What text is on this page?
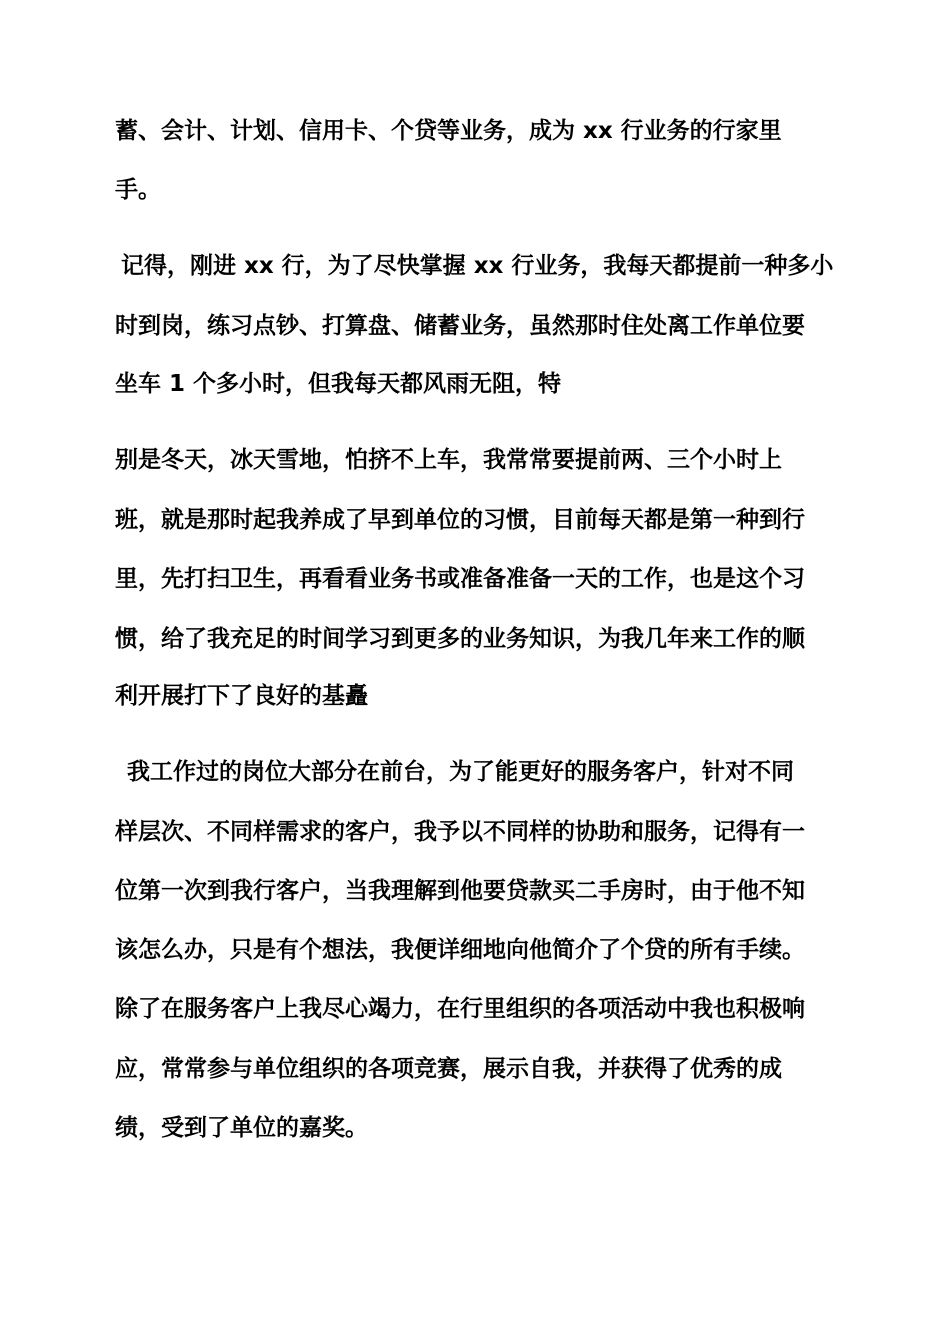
蓄、会计、计划、信用卡、个贷等业务，成为 xx 行业务的行家里
手。
记得，刚进 xx 行，为了尽快掌握 xx 行业务，我每天都提前一种多小
时到岗，练习点钞、打算盘、储蓄业务，虽然那时住处离工作单位要
坐车 1 个多小时，但我每天都风雨无阻，特
别是冬天，冰天雪地，怕挤不上车，我常常要提前两、三个小时上
班，就是那时起我养成了早到单位的习惯，目前每天都是第一种到行
里，先打扫卫生，再看看业务书或准备准备一天的工作，也是这个习
惯，给了我充足的时间学习到更多的业务知识，为我几年来工作的顺
利开展打下了良好的基矗
我工作过的岗位大部分在前台，为了能更好的服务客户，针对不同
样层次、不同样需求的客户，我予以不同样的协助和服务，记得有一
位第一次到我行客户，当我理解到他要贷款买二手房时，由于他不知
该怎么办，只是有个想法，我便详细地向他简介了个贷的所有手续。
除了在服务客户上我尽心竭力，在行里组织的各项活动中我也积极响
应，常常参与单位组织的各项竞赛，展示自我，并获得了优秀的成
绩，受到了单位的嘉奖。
